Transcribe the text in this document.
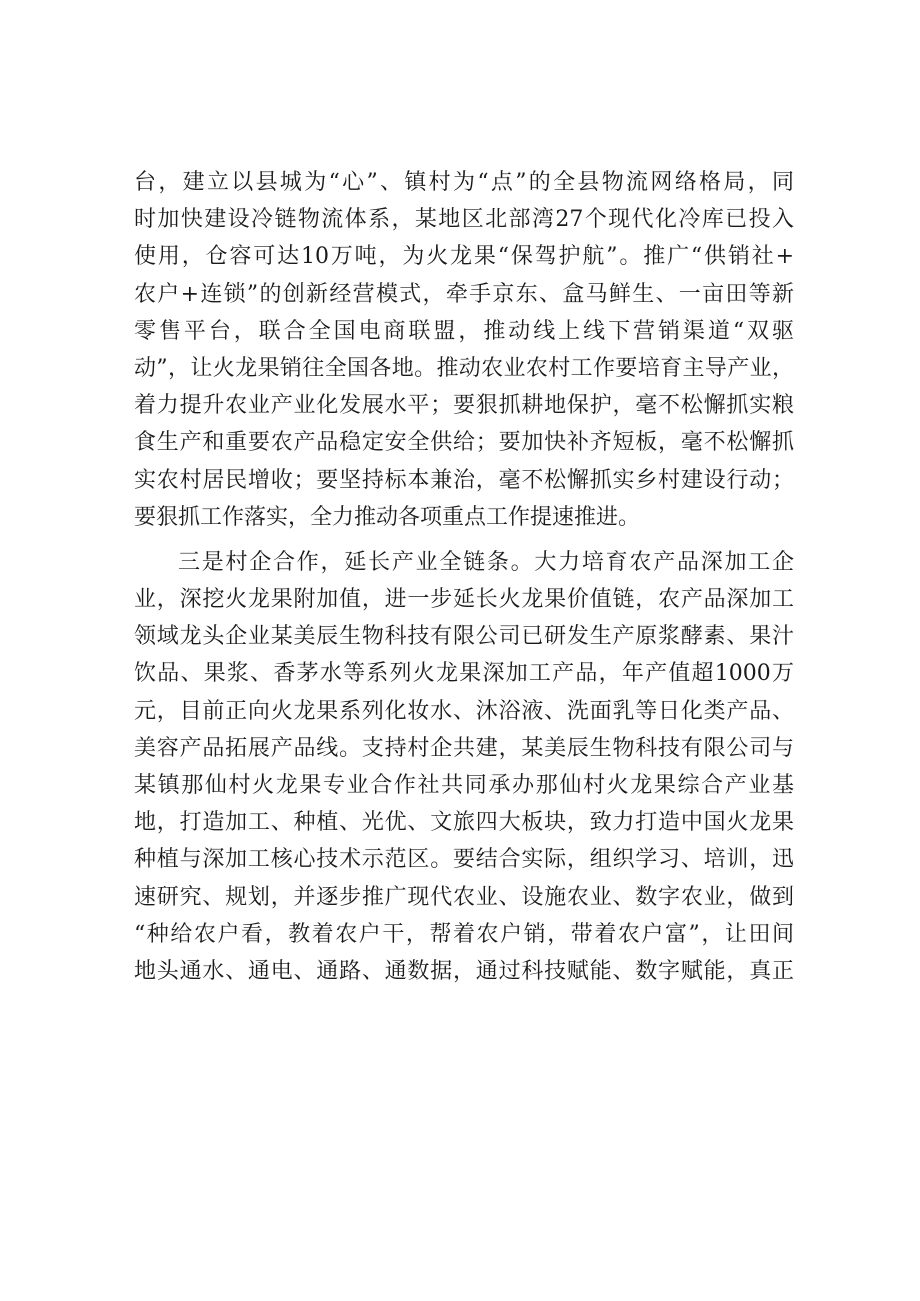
台，建立以县城为“心”、镇村为“点”的全县物流网络格局，同
时加快建设冷链物流体系，某地区北部湾27个现代化冷库已投入
使用，仓容可达10万吨，为火龙果“保驾护航”。推广“供销社+
农户+连锁”的创新经营模式，牵手京东、盒马鲜生、一亩田等新
零售平台，联合全国电商联盟，推动线上线下营销渠道“双驱
动”，让火龙果销往全国各地。推动农业农村工作要培育主导产业，
着力提升农业产业化发展水平；要狠抓耕地保护，毫不松懈抓实粮
食生产和重要农产品稳定安全供给；要加快补齐短板，毫不松懈抓
实农村居民增收；要坚持标本兼治，毫不松懈抓实乡村建设行动；
要狠抓工作落实，全力推动各项重点工作提速推进。
三是村企合作，延长产业全链条。大力培育农产品深加工企
业，深挖火龙果附加值，进一步延长火龙果价值链，农产品深加工
领域龙头企业某美辰生物科技有限公司已研发生产原浆酵素、果汁
饮品、果浆、香茅水等系列火龙果深加工产品，年产值超1000万
元，目前正向火龙果系列化妆水、沐浴液、洗面乳等日化类产品、
美容产品拓展产品线。支持村企共建，某美辰生物科技有限公司与
某镇那仙村火龙果专业合作社共同承办那仙村火龙果综合产业基
地，打造加工、种植、光优、文旅四大板块，致力打造中国火龙果
种植与深加工核心技术示范区。要结合实际，组织学习、培训，迅
速研究、规划，并逐步推广现代农业、设施农业、数字农业，做到
“种给农户看，教着农户干，帮着农户销，带着农户富”，让田间
地头通水、通电、通路、通数据，通过科技赋能、数字赋能，真正
